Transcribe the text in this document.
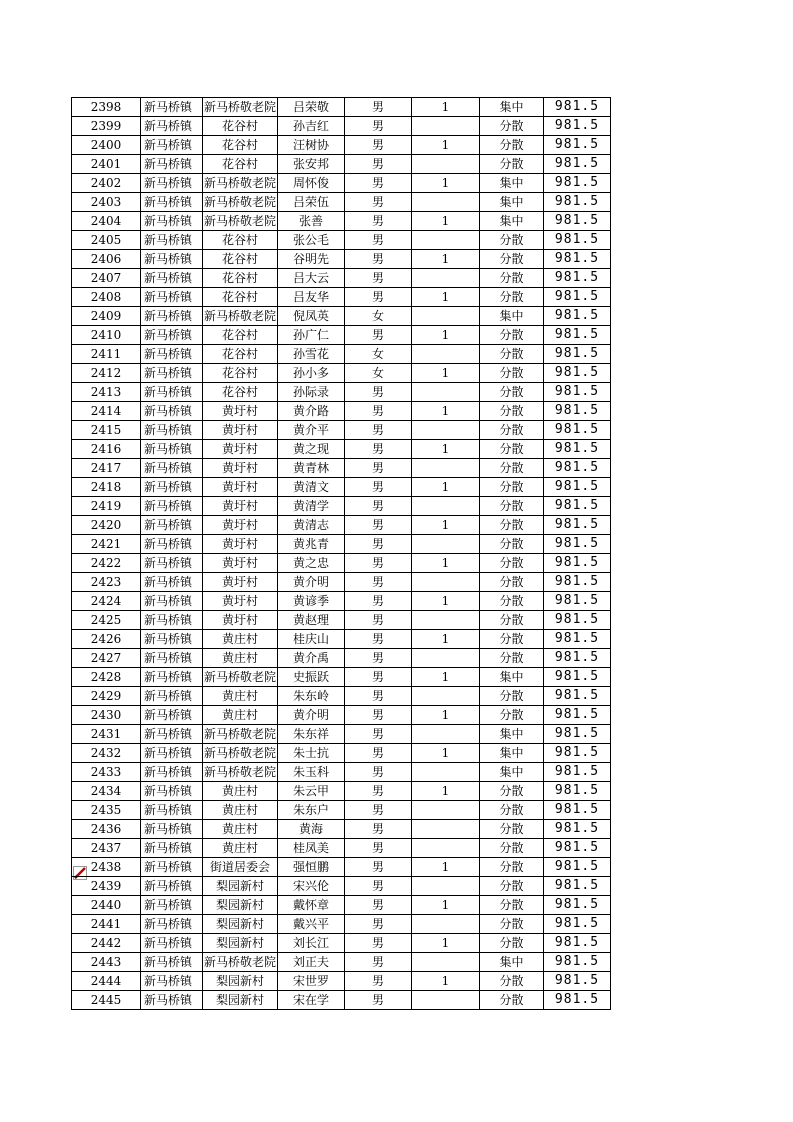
2398	新马桥镇	新马桥敬老院	吕荣敬	男	1	集中	981.5
2399	新马桥镇	花谷村	孙吉红	男		分散	981.5
2400	新马桥镇	花谷村	汪树协	男	1	分散	981.5
2401	新马桥镇	花谷村	张安邦	男		分散	981.5
2402	新马桥镇	新马桥敬老院	周怀俊	男	1	集中	981.5
2403	新马桥镇	新马桥敬老院	吕荣伍	男		集中	981.5
2404	新马桥镇	新马桥敬老院	张善	男	1	集中	981.5
2405	新马桥镇	花谷村	张公毛	男		分散	981.5
2406	新马桥镇	花谷村	谷明先	男	1	分散	981.5
2407	新马桥镇	花谷村	吕大云	男		分散	981.5
2408	新马桥镇	花谷村	吕友华	男	1	分散	981.5
2409	新马桥镇	新马桥敬老院	倪凤英	女		集中	981.5
2410	新马桥镇	花谷村	孙广仁	男	1	分散	981.5
2411	新马桥镇	花谷村	孙雪花	女		分散	981.5
2412	新马桥镇	花谷村	孙小多	女	1	分散	981.5
2413	新马桥镇	花谷村	孙际录	男		分散	981.5
2414	新马桥镇	黄圩村	黄介路	男	1	分散	981.5
2415	新马桥镇	黄圩村	黄介平	男		分散	981.5
2416	新马桥镇	黄圩村	黄之现	男	1	分散	981.5
2417	新马桥镇	黄圩村	黄青林	男		分散	981.5
2418	新马桥镇	黄圩村	黄清文	男	1	分散	981.5
2419	新马桥镇	黄圩村	黄清学	男		分散	981.5
2420	新马桥镇	黄圩村	黄清志	男	1	分散	981.5
2421	新马桥镇	黄圩村	黄兆青	男		分散	981.5
2422	新马桥镇	黄圩村	黄之忠	男	1	分散	981.5
2423	新马桥镇	黄圩村	黄介明	男		分散	981.5
2424	新马桥镇	黄圩村	黄谚季	男	1	分散	981.5
2425	新马桥镇	黄圩村	黄赵理	男		分散	981.5
2426	新马桥镇	黄庄村	桂庆山	男	1	分散	981.5
2427	新马桥镇	黄庄村	黄介禹	男		分散	981.5
2428	新马桥镇	新马桥敬老院	史振跃	男	1	集中	981.5
2429	新马桥镇	黄庄村	朱东岭	男		分散	981.5
2430	新马桥镇	黄庄村	黄介明	男	1	分散	981.5
2431	新马桥镇	新马桥敬老院	朱东祥	男		集中	981.5
2432	新马桥镇	新马桥敬老院	朱士抗	男	1	集中	981.5
2433	新马桥镇	新马桥敬老院	朱玉科	男		集中	981.5
2434	新马桥镇	黄庄村	朱云甲	男	1	分散	981.5
2435	新马桥镇	黄庄村	朱东户	男		分散	981.5
2436	新马桥镇	黄庄村	黄海	男		分散	981.5
2437	新马桥镇	黄庄村	桂凤美	男		分散	981.5
2438	新马桥镇	街道居委会	强恒鹏	男	1	分散	981.5
2439	新马桥镇	梨园新村	宋兴伦	男		分散	981.5
2440	新马桥镇	梨园新村	戴怀章	男	1	分散	981.5
2441	新马桥镇	梨园新村	戴兴平	男		分散	981.5
2442	新马桥镇	梨园新村	刘长江	男	1	分散	981.5
2443	新马桥镇	新马桥敬老院	刘正夫	男		集中	981.5
2444	新马桥镇	梨园新村	宋世罗	男	1	分散	981.5
2445	新马桥镇	梨园新村	宋在学	男		分散	981.5
